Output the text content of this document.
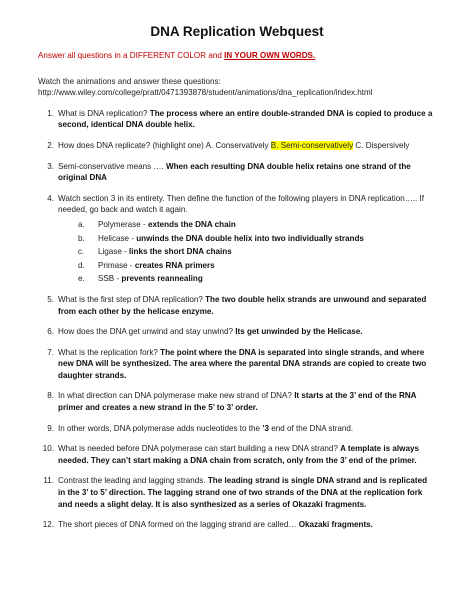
DNA Replication Webquest
Answer all questions in a DIFFERENT COLOR and IN YOUR OWN WORDS.
Watch the animations and answer these questions:
http://www.wiley.com/college/pratt/0471393878/student/animations/dna_replication/index.html
1. What is DNA replication? The process where an entire double-stranded DNA is copied to produce a second, identical DNA double helix.
2. How does DNA replicate? (highlight one) A. Conservatively B. Semi-conservatively C. Dispersively
3. Semi-conservative means …. When each resulting DNA double helix retains one strand of the original DNA
4. Watch section 3 in its entirety. Then define the function of the following players in DNA replication….. If needed, go back and watch it again.
a. Polymerase - extends the DNA chain
b. Helicase - unwinds the DNA double helix into two individually strands
c. Ligase - links the short DNA chains
d. Primase - creates RNA primers
e. SSB - prevents reannealing
5. What is the first step of DNA replication? The two double helix strands are unwound and separated from each other by the helicase enzyme.
6. How does the DNA get unwind and stay unwind? Its get unwinded by the Helicase.
7. What is the replication fork? The point where the DNA is separated into single strands, and where new DNA will be synthesized. The area where the parental DNA strands are copied to create two daughter strands.
8. In what direction can DNA polymerase make new strand of DNA? It starts at the 3’ end of the RNA primer and creates a new strand in the 5’ to 3’ order.
9. In other words, DNA polymerase adds nucleotides to the ’3 end of the DNA strand.
10. What is needed before DNA polymerase can start building a new DNA strand? A template is always needed. They can’t start making a DNA chain from scratch, only from the 3’ end of the primer.
11. Contrast the leading and lagging strands. The leading strand is single DNA strand and is replicated in the 3’ to 5’ direction. The lagging strand one of two strands of the DNA at the replication fork and needs a slight delay. It is also synthesized as a series of Okazaki fragments.
12. The short pieces of DNA formed on the lagging strand are called… Okazaki fragments.
